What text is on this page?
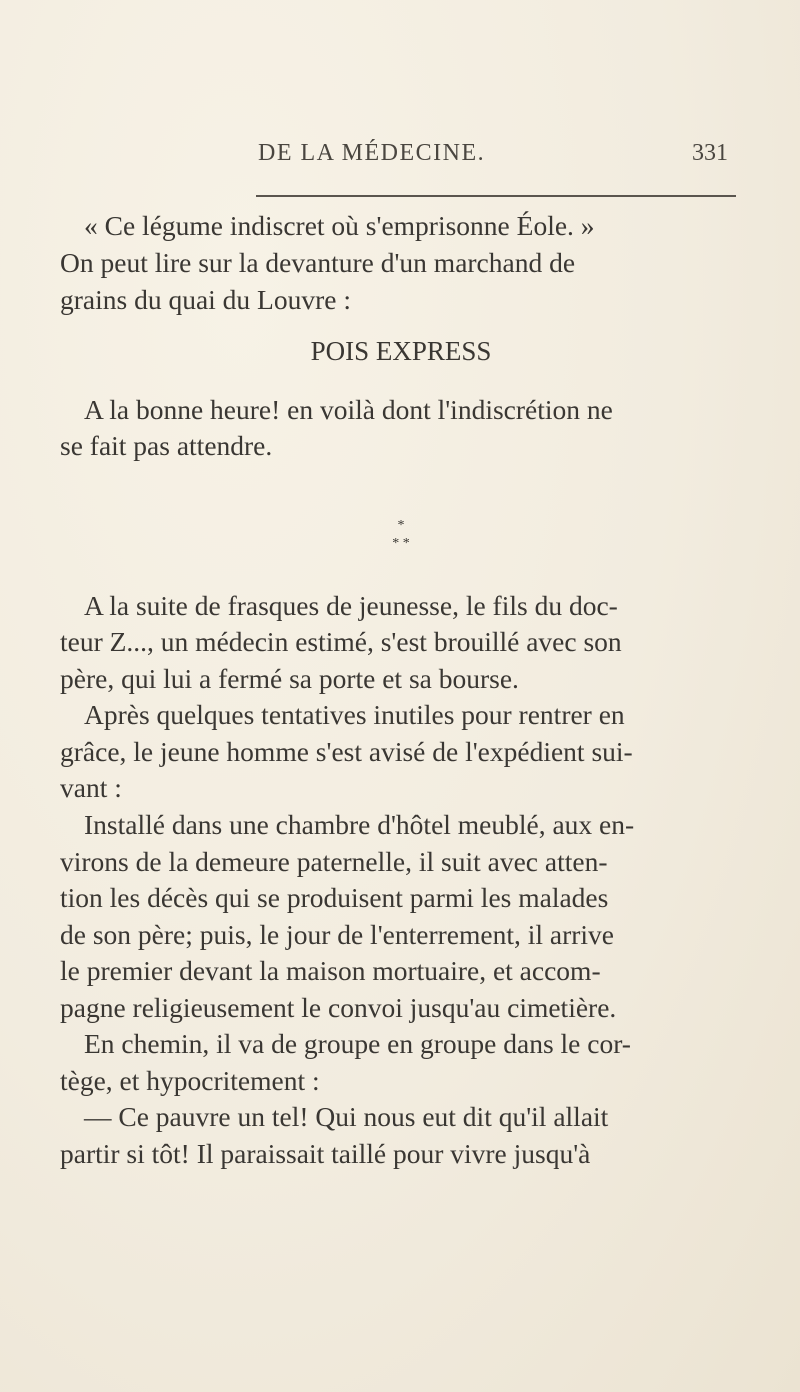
DE LA MÉDECINE.	331
« Ce légume indiscret où s'emprisonne Éole. »
On peut lire sur la devanture d'un marchand de
grains du quai du Louvre :
POIS EXPRESS
A la bonne heure! en voilà dont l'indiscrétion ne
se fait pas attendre.
*
* *
A la suite de frasques de jeunesse, le fils du doc-
teur Z..., un médecin estimé, s'est brouillé avec son
père, qui lui a fermé sa porte et sa bourse.
Après quelques tentatives inutiles pour rentrer en
grâce, le jeune homme s'est avisé de l'expédient sui-
vant :
Installé dans une chambre d'hôtel meublé, aux en-
virons de la demeure paternelle, il suit avec atten-
tion les décès qui se produisent parmi les malades
de son père; puis, le jour de l'enterrement, il arrive
le premier devant la maison mortuaire, et accom-
pagne religieusement le convoi jusqu'au cimetière.
En chemin, il va de groupe en groupe dans le cor-
tège, et hypocritement :
— Ce pauvre un tel! Qui nous eut dit qu'il allait
partir si tôt! Il paraissait taillé pour vivre jusqu'à
